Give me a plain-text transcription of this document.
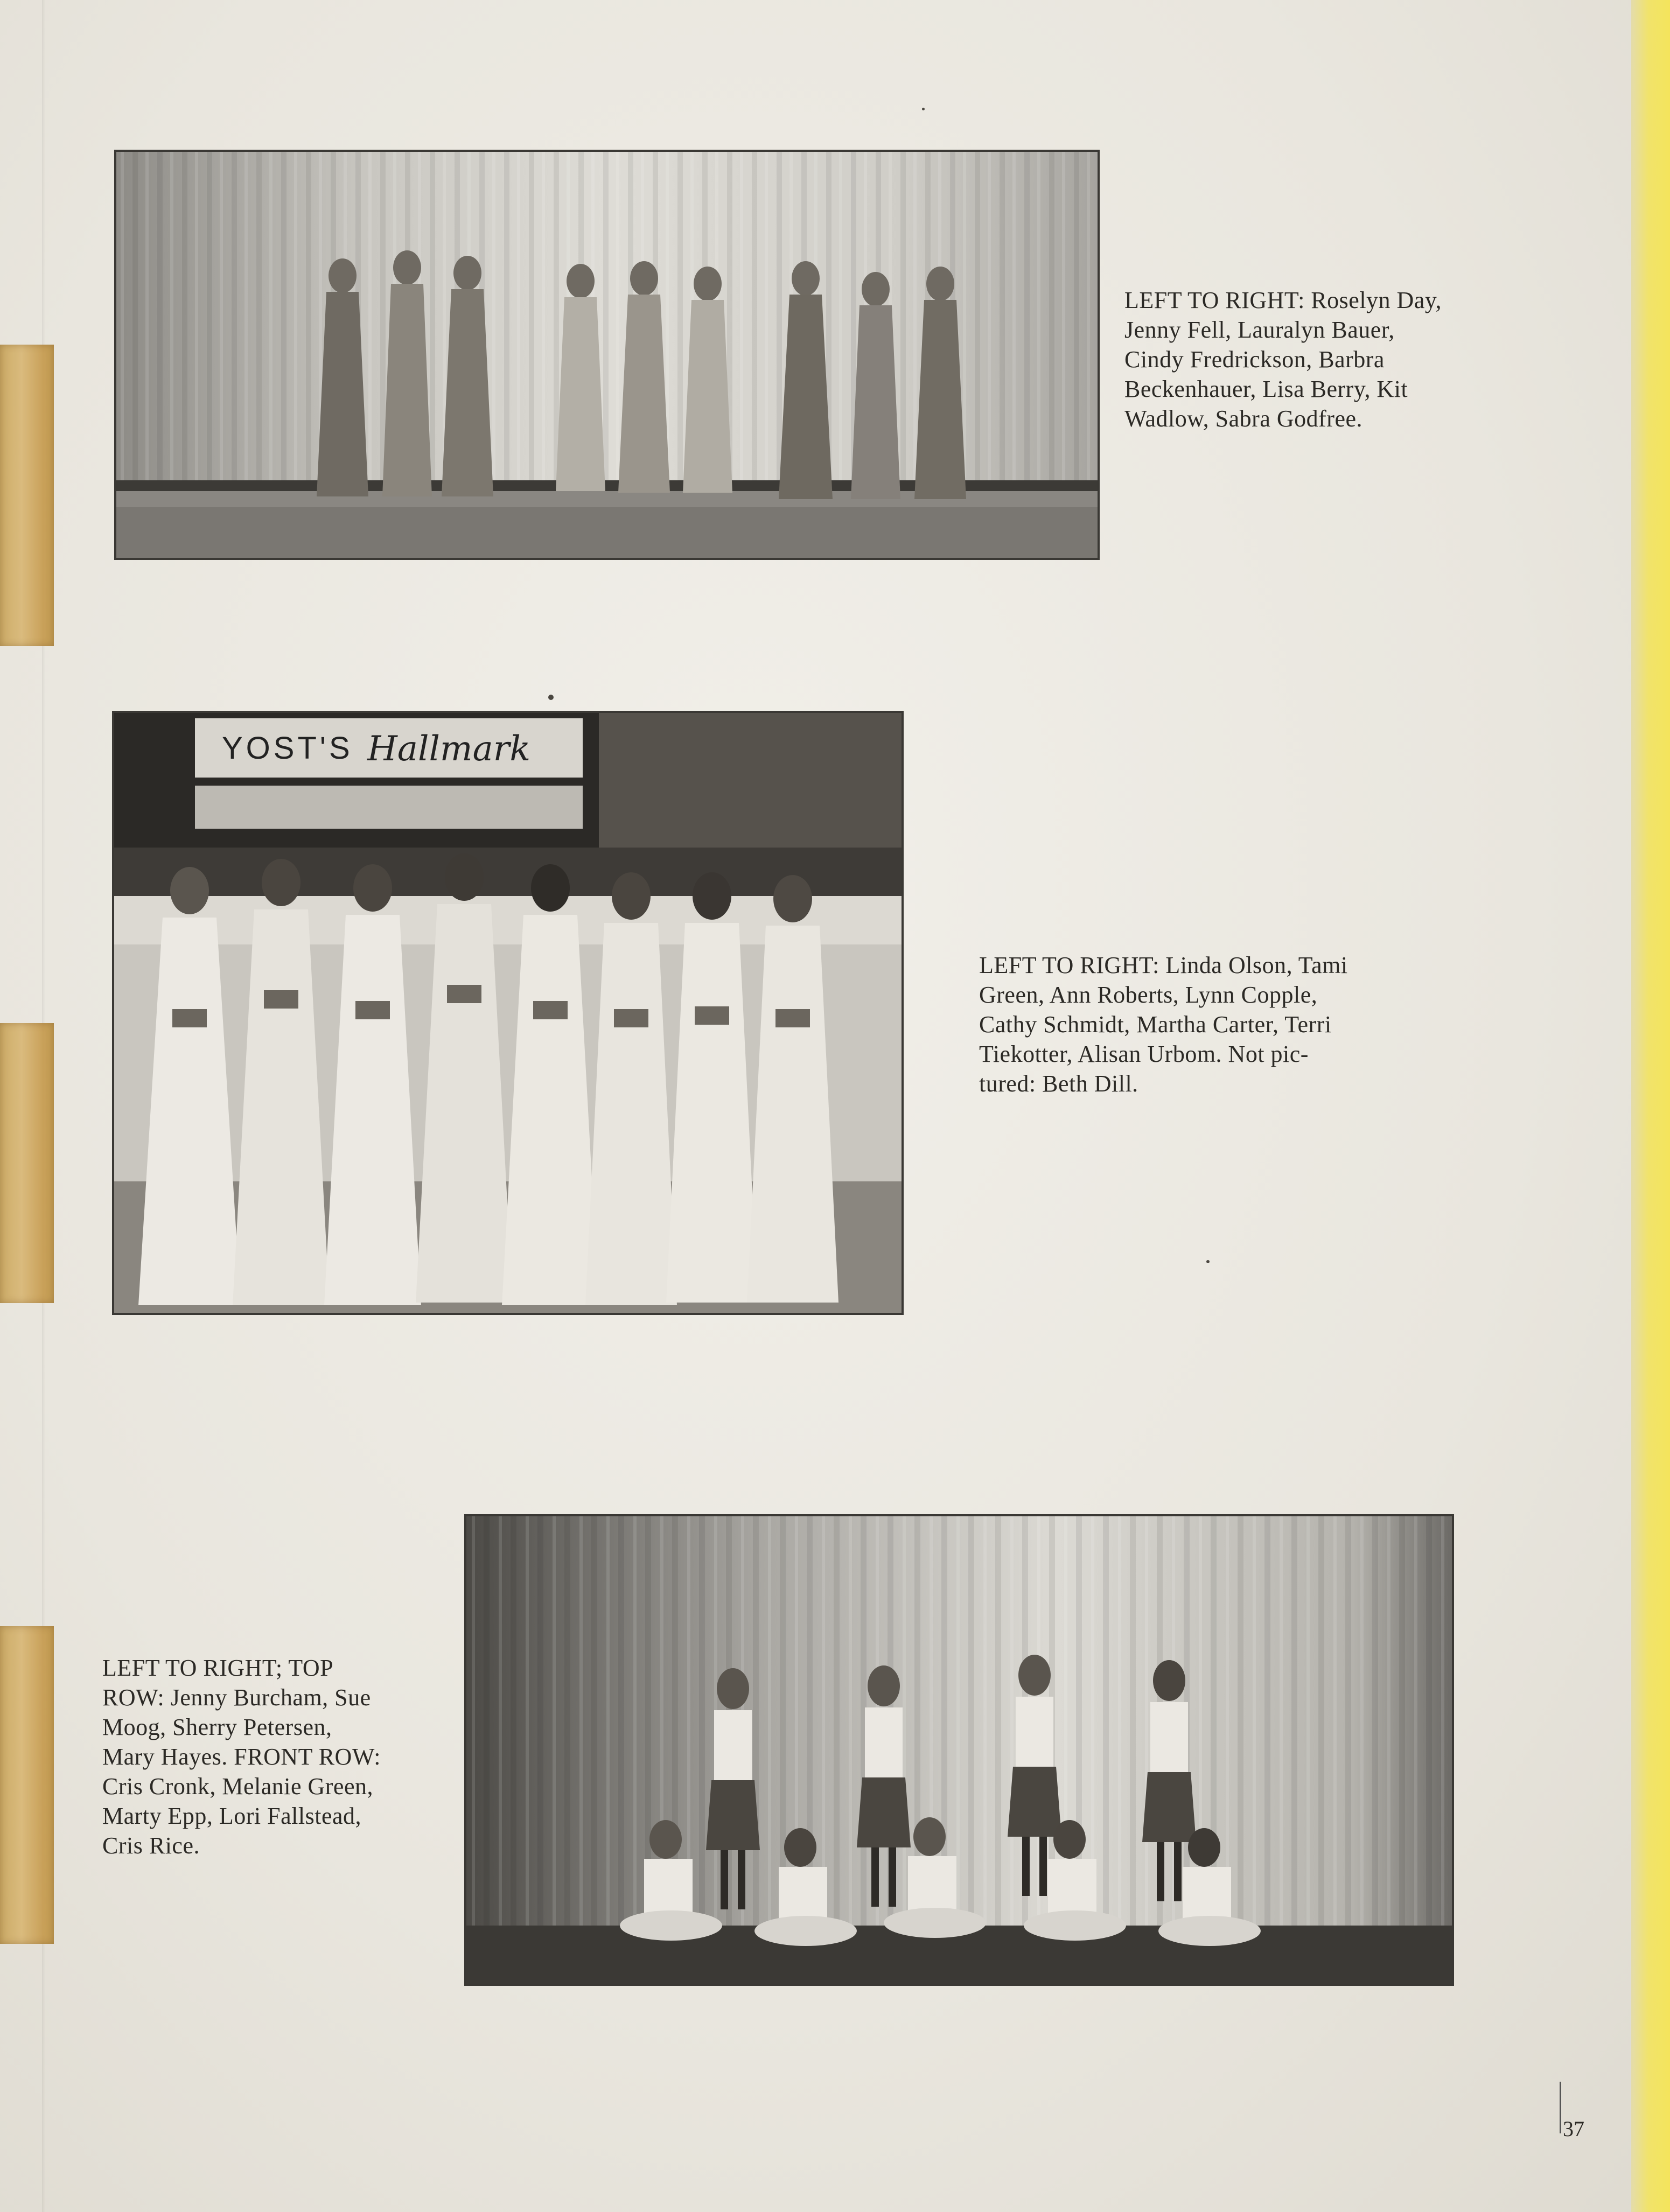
LEFT TO RIGHT: Roselyn Day,
Jenny Fell, Lauralyn Bauer,
Cindy Fredrickson, Barbra
Beckenhauer, Lisa Berry, Kit
Wadlow, Sabra Godfree.
YOST'S Hallmark
LEFT TO RIGHT: Linda Olson, Tami
Green, Ann Roberts, Lynn Copple,
Cathy Schmidt, Martha Carter, Terri
Tiekotter, Alisan Urbom. Not pic-
tured: Beth Dill.
LEFT TO RIGHT; TOP
ROW: Jenny Burcham, Sue
Moog, Sherry Petersen,
Mary Hayes. FRONT ROW:
Cris Cronk, Melanie Green,
Marty Epp, Lori Fallstead,
Cris Rice.
37
